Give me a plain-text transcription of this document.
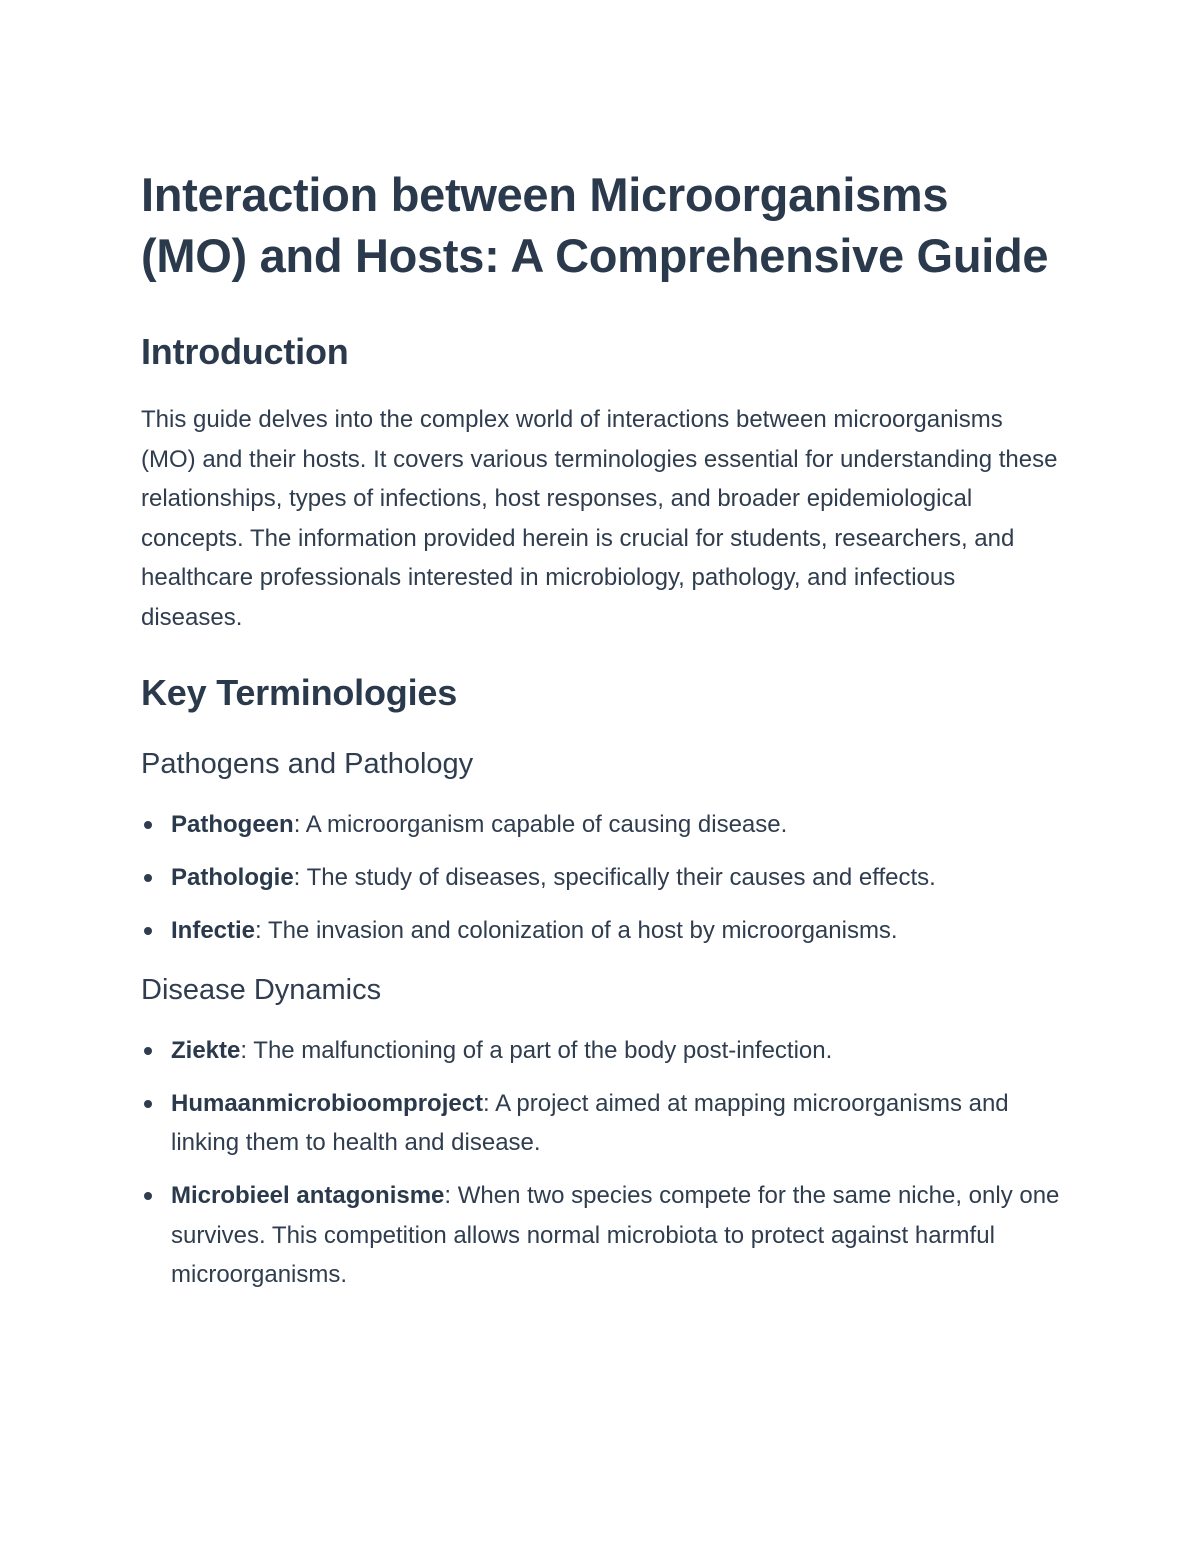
Interaction between Microorganisms (MO) and Hosts: A Comprehensive Guide
Introduction

This guide delves into the complex world of interactions between microorganisms (MO) and their hosts. It covers various terminologies essential for understanding these relationships, types of infections, host responses, and broader epidemiological concepts. The information provided herein is crucial for students, researchers, and healthcare professionals interested in microbiology, pathology, and infectious diseases.

Key Terminologies
Pathogens and Pathology
Pathogeen: A microorganism capable of causing disease.
Pathologie: The study of diseases, specifically their causes and effects.
Infectie: The invasion and colonization of a host by microorganisms.
Disease Dynamics
Ziekte: The malfunctioning of a part of the body post-infection.
Humaanmicrobioomproject: A project aimed at mapping microorganisms and linking them to health and disease.
Microbieel antagonisme: When two species compete for the same niche, only one survives. This competition allows normal microbiota to protect against harmful microorganisms.
